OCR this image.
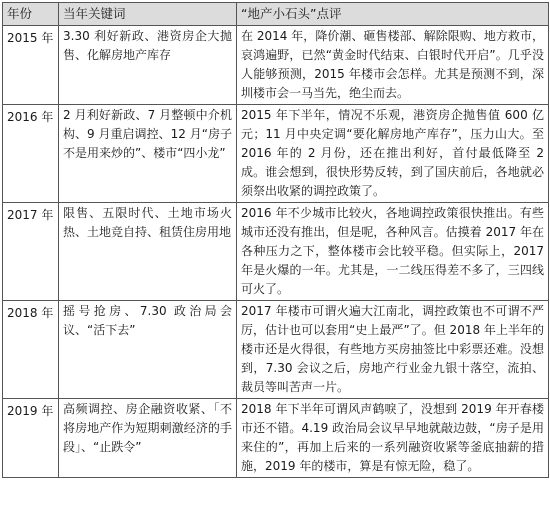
年份	当年关键词	“地产小石头”点评
2015 年	3.30 利好新政、港资房企大抛售、化解房地产库存	在 2014 年，降价潮、砸售楼部、解除限购、地方救市，哀鸿遍野，已然“黄金时代结束、白银时代开启”。几乎没人能够预测，2015 年楼市会怎样。尤其是预测不到，深圳楼市会一马当先，绝尘而去。
2016 年	2 月利好新政、7 月整顿中介机构、9 月重启调控、12 月“房子不是用来炒的”、楼市“四小龙”	2015 年下半年，情况不乐观，港资房企抛售值 600 亿元；11 月中央定调“要化解房地产库存”，压力山大。至 2016 年的 2 月份，还在推出利好，首付最低降至 2 成。谁会想到，很快形势反转，到了国庆前后，各地就必须祭出收紧的调控政策了。
2017 年	限售、五限时代、土地市场火热、土地竞自持、租赁住房用地	2016 年不少城市比较火，各地调控政策很快推出。有些城市还没有推出，但是呢，各种风言。估摸着 2017 年在各种压力之下，整体楼市会比较平稳。但实际上，2017 年是火爆的一年。尤其是，一二线压得差不多了，三四线可火了。
2018 年	摇号抢房、7.30 政治局会议、“活下去”	2017 年楼市可谓火遍大江南北，调控政策也不可谓不严厉，估计也可以套用“史上最严”了。但 2018 年上半年的楼市还是火得很，有些地方买房抽签比中彩票还难。没想到，7.30 会议之后，房地产行业金九银十落空，流拍、裁员等叫苦声一片。
2019 年	高频调控、房企融资收紧、「不将房地产作为短期刺激经济的手段」、“止跌令”	2018 年下半年可谓风声鹤唳了，没想到 2019 年开春楼市还不错。4.19 政治局会议早早地就敲边鼓，“房子是用来住的”，再加上后来的一系列融资收紧等釜底抽薪的措施，2019 年的楼市，算是有惊无险，稳了。
